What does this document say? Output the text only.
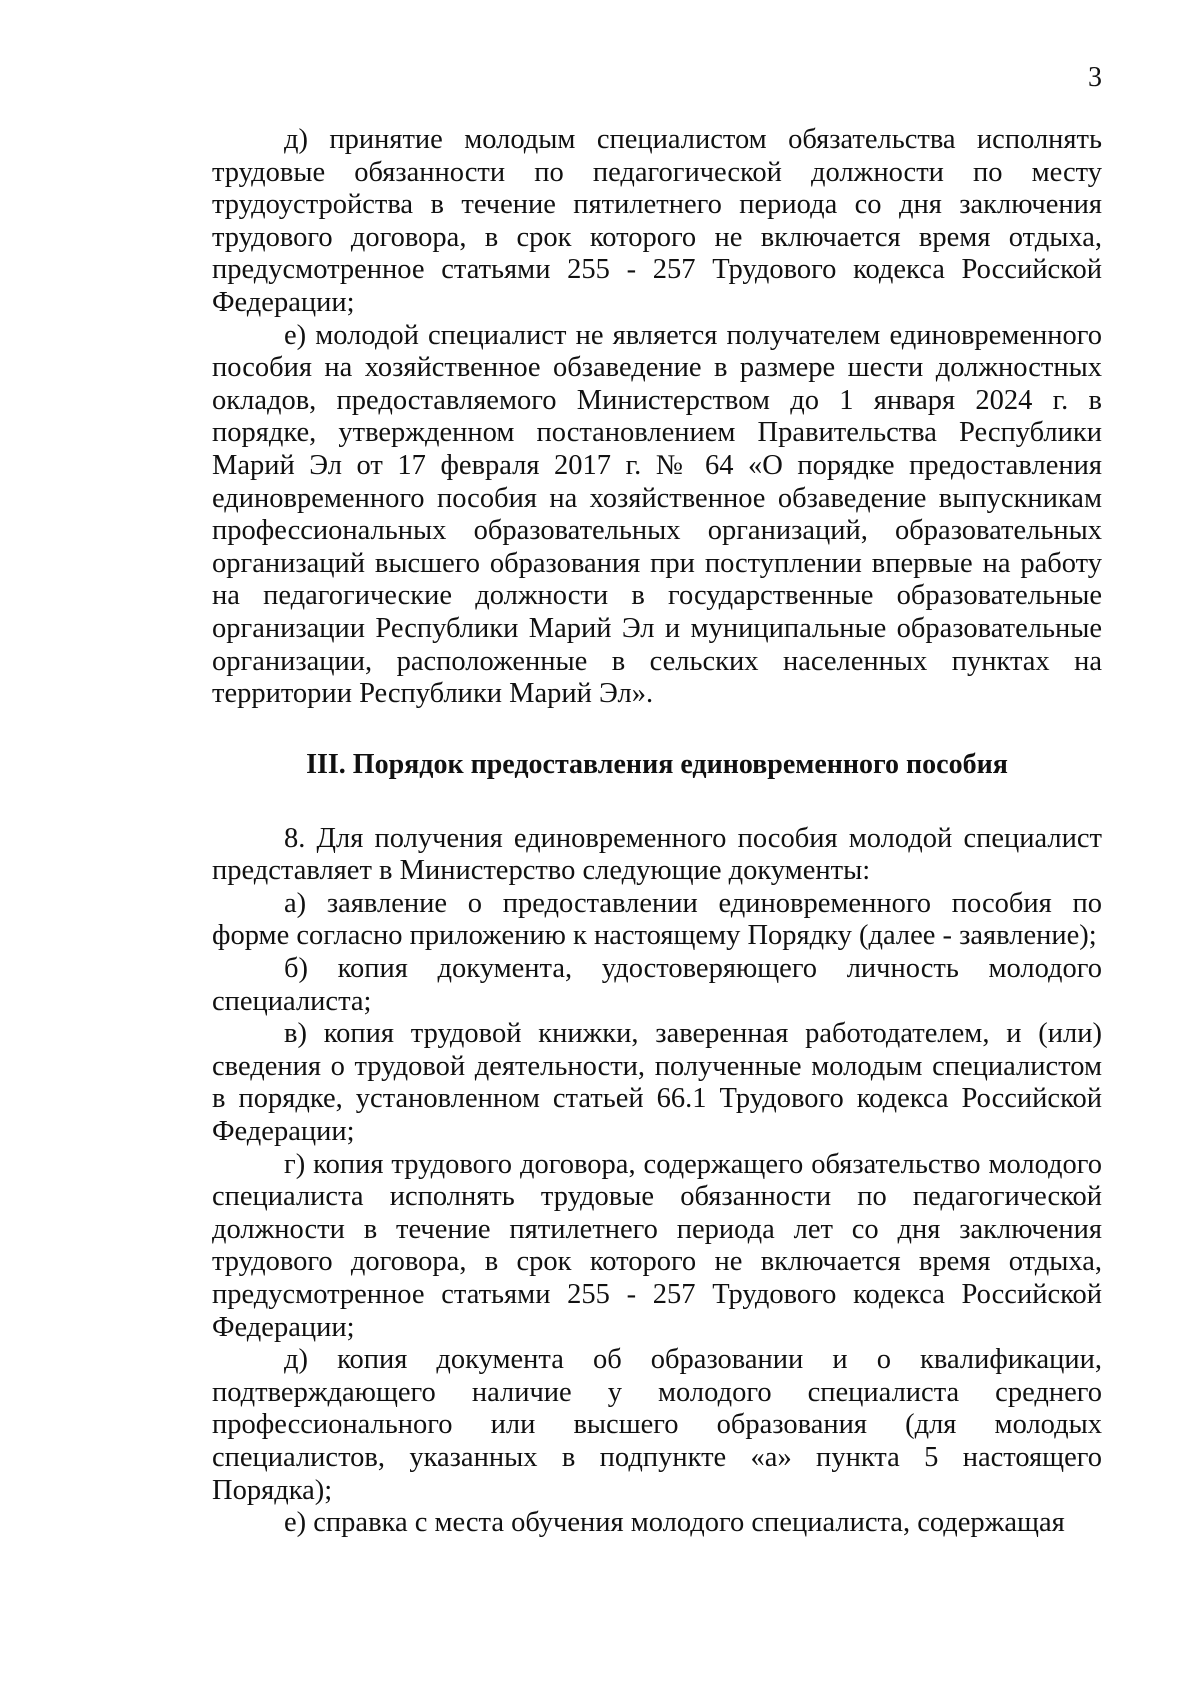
3

д) принятие молодым специалистом обязательства исполнять трудовые обязанности по педагогической должности по месту трудоустройства в течение пятилетнего периода со дня заключения трудового договора, в срок которого не включается время отдыха, предусмотренное статьями 255 - 257 Трудового кодекса Российской Федерации;

е) молодой специалист не является получателем единовременного пособия на хозяйственное обзаведение в размере шести должностных окладов, предоставляемого Министерством до 1 января 2024 г. в порядке, утвержденном постановлением Правительства Республики Марий Эл от 17 февраля 2017 г. № 64 «О порядке предоставления единовременного пособия на хозяйственное обзаведение выпускникам профессиональных образовательных организаций, образовательных организаций высшего образования при поступлении впервые на работу на педагогические должности в государственные образовательные организации Республики Марий Эл и муниципальные образовательные организации, расположенные в сельских населенных пунктах на территории Республики Марий Эл».

III. Порядок предоставления единовременного пособия

8. Для получения единовременного пособия молодой специалист представляет в Министерство следующие документы:

а) заявление о предоставлении единовременного пособия по форме согласно приложению к настоящему Порядку (далее - заявление);

б) копия документа, удостоверяющего личность молодого специалиста;

в) копия трудовой книжки, заверенная работодателем, и (или) сведения о трудовой деятельности, полученные молодым специалистом в порядке, установленном статьей 66.1 Трудового кодекса Российской Федерации;

г) копия трудового договора, содержащего обязательство молодого специалиста исполнять трудовые обязанности по педагогической должности в течение пятилетнего периода лет со дня заключения трудового договора, в срок которого не включается время отдыха, предусмотренное статьями 255 - 257 Трудового кодекса Российской Федерации;

д) копия документа об образовании и о квалификации, подтверждающего наличие у молодого специалиста среднего профессионального или высшего образования (для молодых специалистов, указанных в подпункте «а» пункта 5 настоящего Порядка);

е) справка с места обучения молодого специалиста, содержащая
